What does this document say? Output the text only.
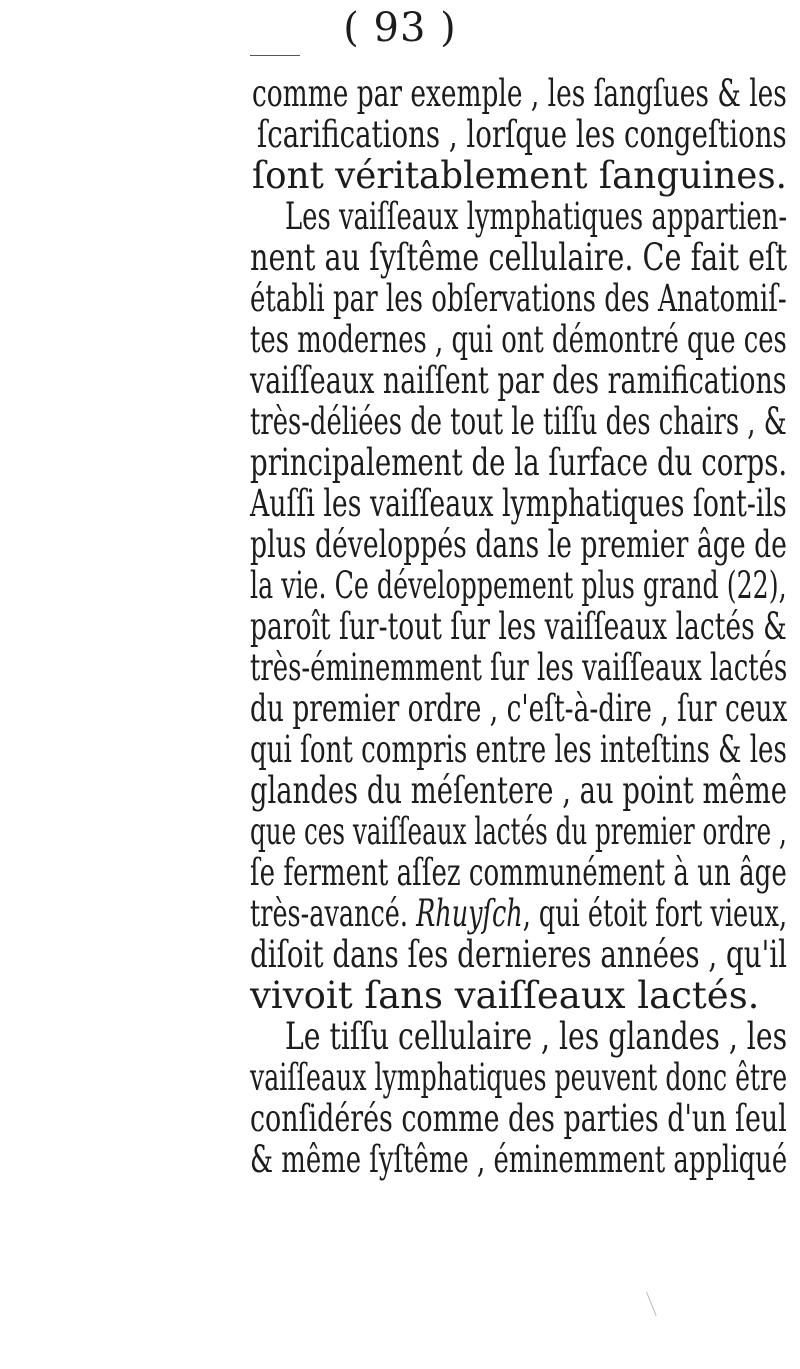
( 93 )
comme par exemple , les ſangſues & les
ſcarifications , lorſque les congeſtions
ſont véritablement ſanguines.
Les vaiſſeaux lymphatiques appartien-
nent au ſyſtême cellulaire. Ce fait eſt
établi par les obſervations des Anatomiſ-
tes modernes , qui ont démontré que ces
vaiſſeaux naiſſent par des ramifications
très-déliées de tout le tiſſu des chairs , &
principalement de la ſurface du corps.
Auſſi les vaiſſeaux lymphatiques ſont-ils
plus développés dans le premier âge de
la vie. Ce développement plus grand (22),
paroît ſur-tout ſur les vaiſſeaux lactés &
très-éminemment ſur les vaiſſeaux lactés
du premier ordre , c'eſt-à-dire , ſur ceux
qui ſont compris entre les inteſtins & les
glandes du méſentere , au point même
que ces vaiſſeaux lactés du premier ordre ,
ſe ferment aſſez communément à un âge
très-avancé. Rhuyſch, qui étoit fort vieux,
diſoit dans ſes dernieres années , qu'il
vivoit ſans vaiſſeaux lactés.
Le tiſſu cellulaire , les glandes , les
vaiſſeaux lymphatiques peuvent donc être
conſidérés comme des parties d'un ſeul
& même ſyſtême , éminemment appliqué
